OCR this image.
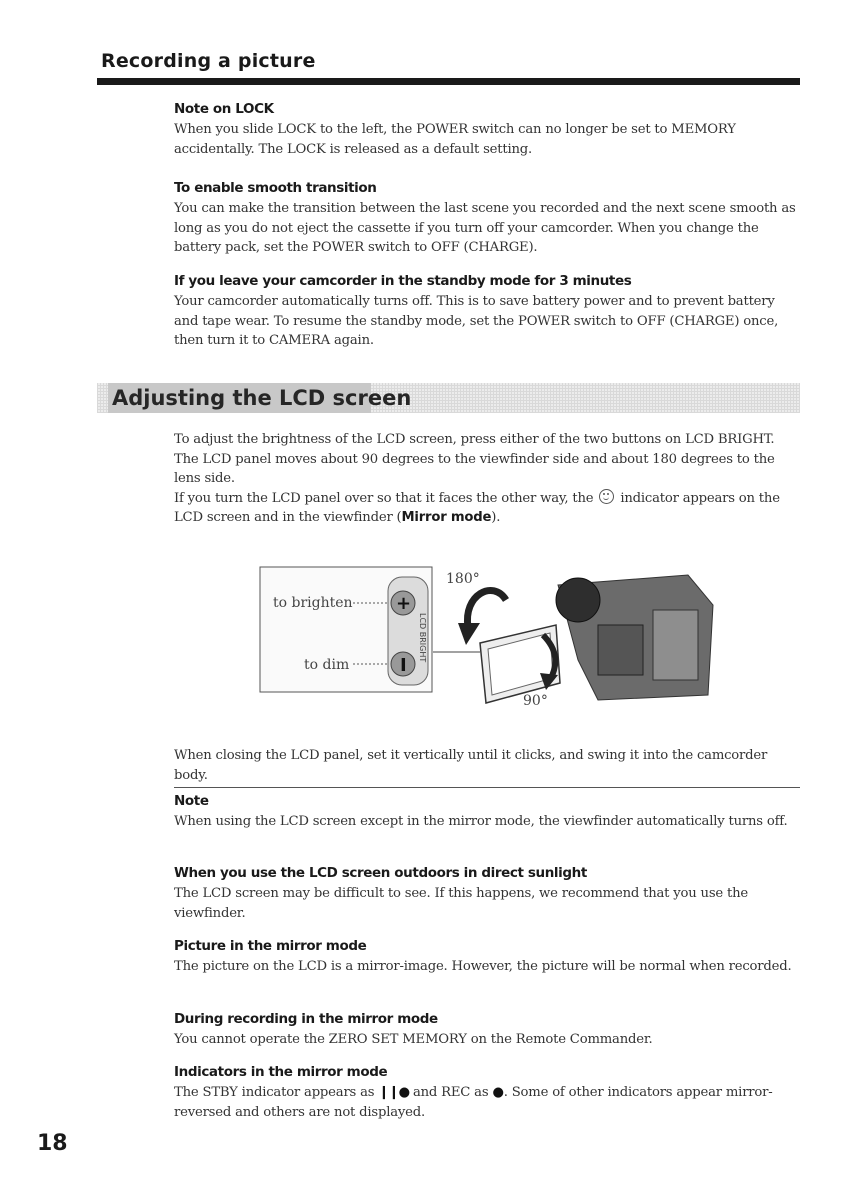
Recording a picture
Note on LOCK

When you slide LOCK to the left, the POWER switch can no longer be set to MEMORY accidentally. The LOCK is released as a default setting.

To enable smooth transition

You can make the transition between the last scene you recorded and the next scene smooth as long as you do not eject the cassette if you turn off your camcorder. When you change the battery pack, set the POWER switch to OFF (CHARGE).

If you leave your camcorder in the standby mode for 3 minutes

Your camcorder automatically turns off. This is to save battery power and to prevent battery and tape wear. To resume the standby mode, set the POWER switch to OFF (CHARGE) once, then turn it to CAMERA again.

Adjusting the LCD screen

To adjust the brightness of the LCD screen, press either of the two buttons on LCD BRIGHT.

The LCD panel moves about 90 degrees to the viewfinder side and about 180 degrees to the lens side.

If you turn the LCD panel over so that it faces the other way, the indicator appears on the LCD screen and in the viewfinder (Mirror mode).

to brighten
to dim
+
I
LCD BRIGHT
180°
90°

When closing the LCD panel, set it vertically until it clicks, and swing it into the camcorder body.

Note

When using the LCD screen except in the mirror mode, the viewfinder automatically turns off.

When you use the LCD screen outdoors in direct sunlight

The LCD screen may be difficult to see. If this happens, we recommend that you use the viewfinder.

Picture in the mirror mode

The picture on the LCD is a mirror-image. However, the picture will be normal when recorded.

During recording in the mirror mode

You cannot operate the ZERO SET MEMORY on the Remote Commander.

Indicators in the mirror mode

The STBY indicator appears as ❙❙● and REC as ●. Some of other indicators appear mirror-reversed and others are not displayed.

18
